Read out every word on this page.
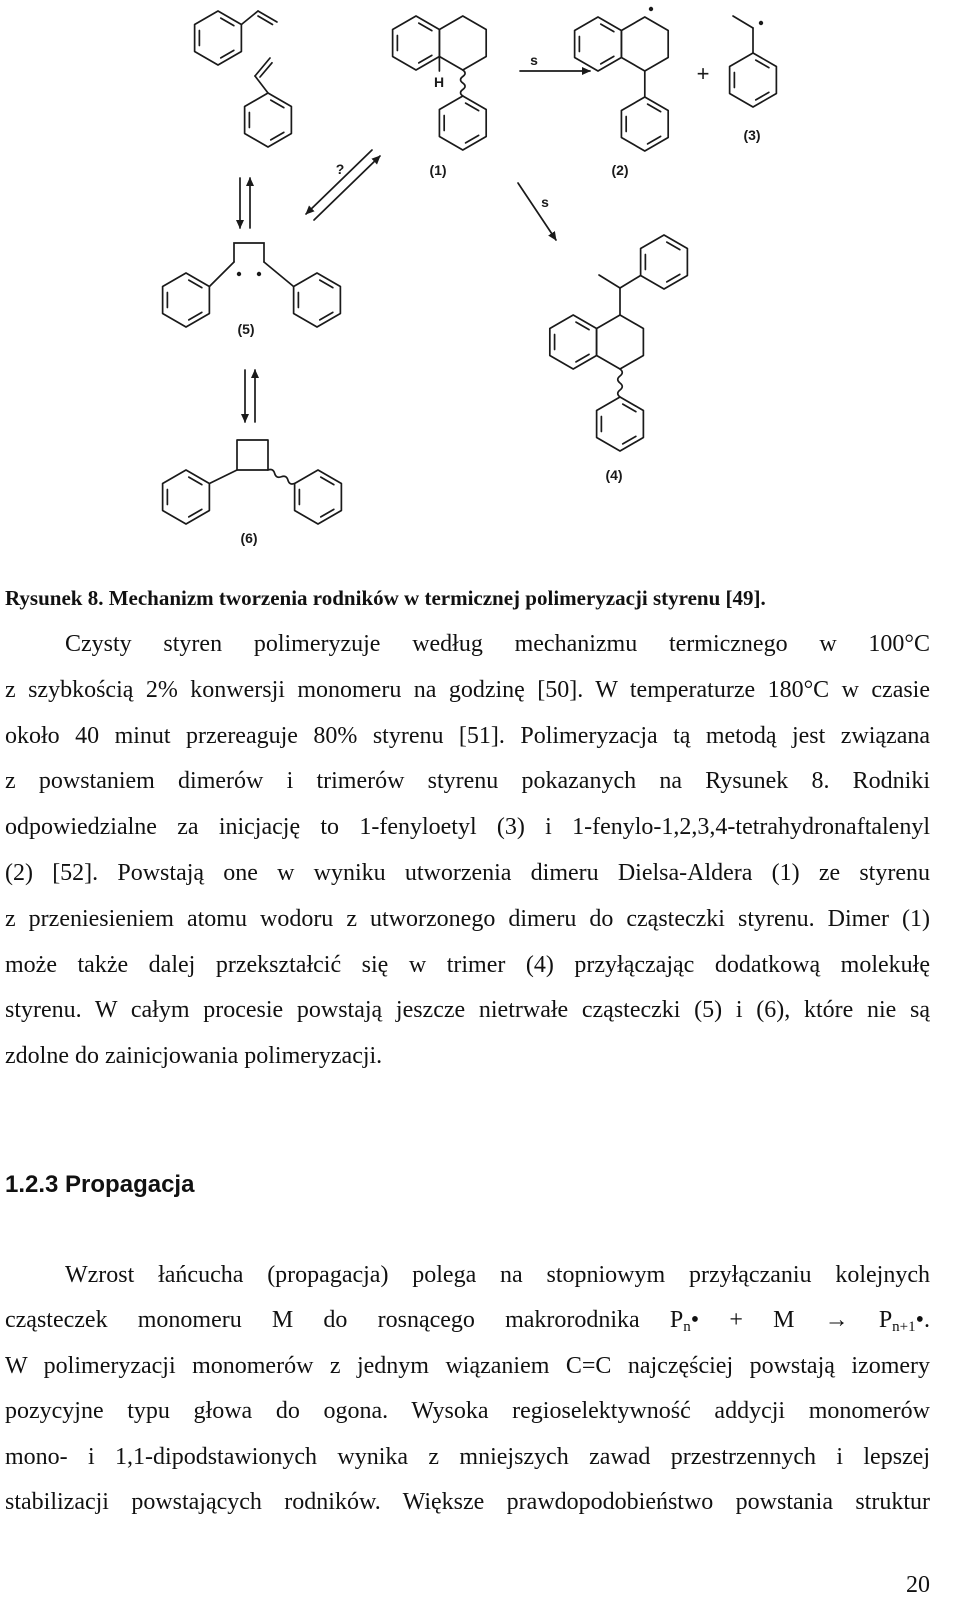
H
s
s
?
+
(1)	(2)
(3)
(4)
(5)
(6)
Rysunek 8. Mechanizm tworzenia rodników w termicznej polimeryzacji styrenu [49].
Czysty styren polimeryzuje według mechanizmu termicznego w 100°C
z szybkością 2% konwersji monomeru na godzinę [50]. W temperaturze 180°C w czasie
około 40 minut przereaguje 80% styrenu [51]. Polimeryzacja tą metodą jest związana
z powstaniem dimerów i trimerów styrenu pokazanych na Rysunek 8. Rodniki
odpowiedzialne za inicjację to 1-fenyloetyl (3) i 1-fenylo-1,2,3,4-tetrahydronaftalenyl
(2) [52]. Powstają one w wyniku utworzenia dimeru Dielsa-Aldera (1) ze styrenu
z przeniesieniem atomu wodoru z utworzonego dimeru do cząsteczki styrenu. Dimer (1)
może także dalej przekształcić się w trimer (4) przyłączając dodatkową molekułę
styrenu. W całym procesie powstają jeszcze nietrwałe cząsteczki (5) i (6), które nie są
zdolne do zainicjowania polimeryzacji.
1.2.3 Propagacja
Wzrost łańcucha (propagacja) polega na stopniowym przyłączaniu kolejnych
cząsteczek monomeru M do rosnącego makrorodnika $P_n• + M$ → $P_{n+1}•$.
W polimeryzacji monomerów z jednym wiązaniem C=C najczęściej powstają izomery
pozycyjne typu głowa do ogona. Wysoka regioselektywność addycji monomerów
mono- i 1,1-dipodstawionych wynika z mniejszych zawad przestrzennych i lepszej
stabilizacji powstających rodników. Większe prawdopodobieństwo powstania struktur
20
